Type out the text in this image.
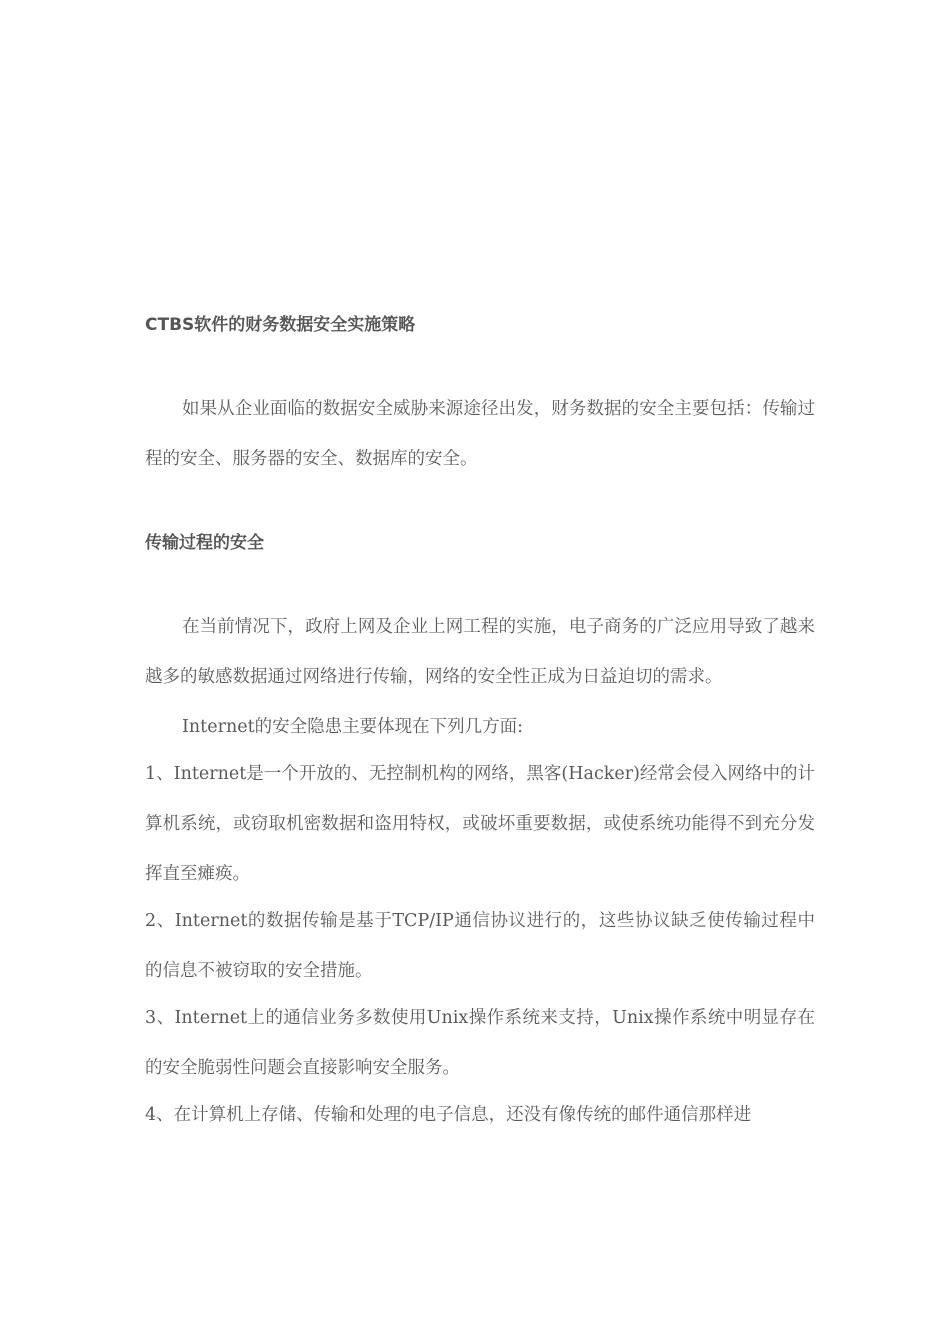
CTBS软件的财务数据安全实施策略

如果从企业面临的数据安全威胁来源途径出发，财务数据的安全主要包括：传输过程的安全、服务器的安全、数据库的安全。

传输过程的安全

在当前情况下，政府上网及企业上网工程的实施，电子商务的广泛应用导致了越来越多的敏感数据通过网络进行传输，网络的安全性正成为日益迫切的需求。

Internet的安全隐患主要体现在下列几方面:

1、Internet是一个开放的、无控制机构的网络，黑客(Hacker)经常会侵入网络中的计算机系统，或窃取机密数据和盗用特权，或破坏重要数据，或使系统功能得不到充分发挥直至瘫痪。

2、Internet的数据传输是基于TCP/IP通信协议进行的，这些协议缺乏使传输过程中的信息不被窃取的安全措施。

3、Internet上的通信业务多数使用Unix操作系统来支持，Unix操作系统中明显存在的安全脆弱性问题会直接影响安全服务。

4、在计算机上存储、传输和处理的电子信息，还没有像传统的邮件通信那样进
